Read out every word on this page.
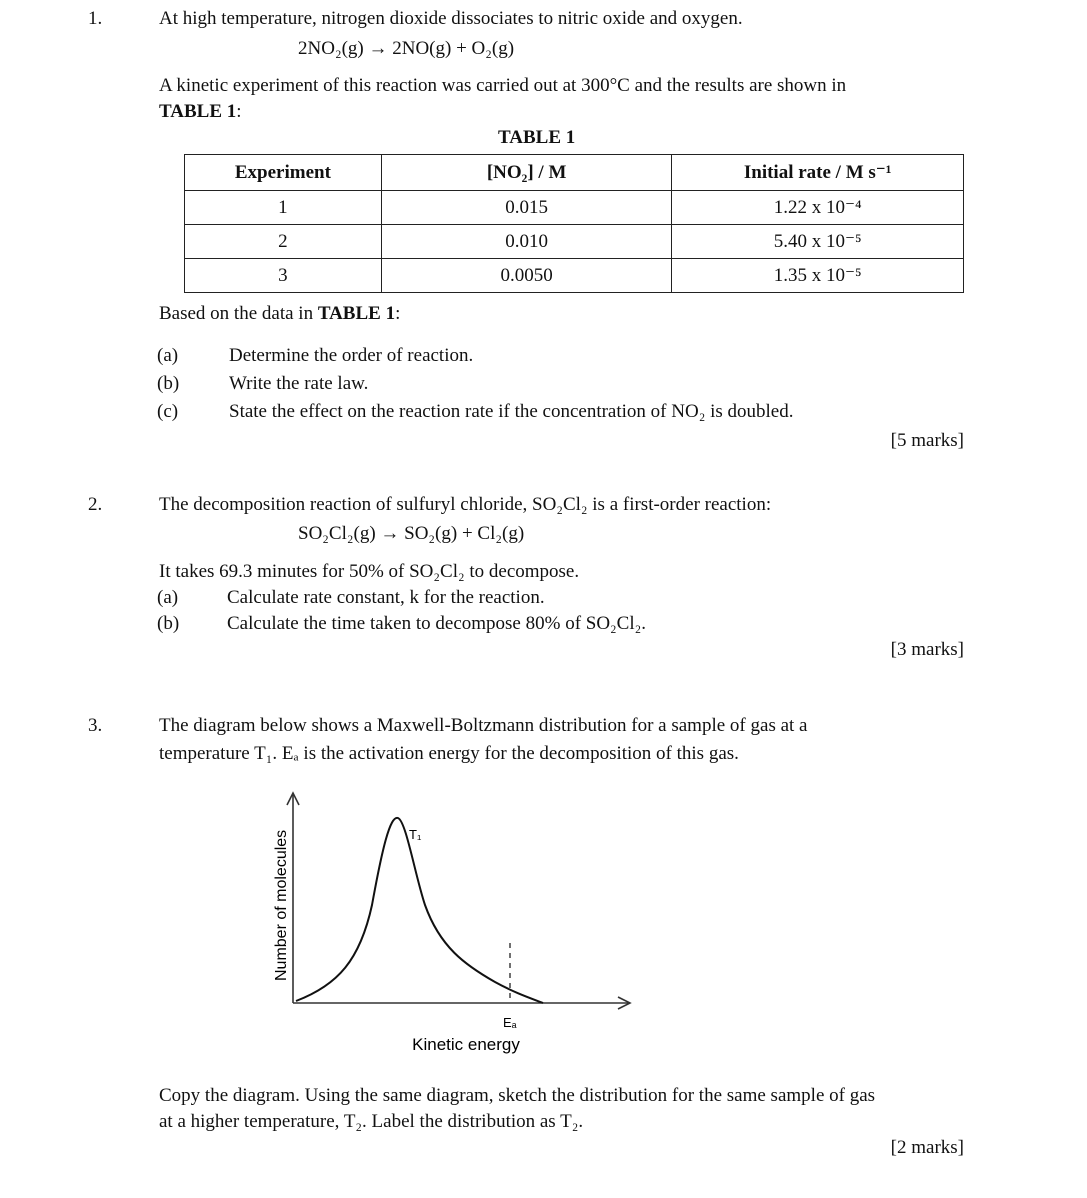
1.	At high temperature, nitrogen dioxide dissociates to nitric oxide and oxygen.
2NO₂(g) → 2NO(g) + O₂(g)
A kinetic experiment of this reaction was carried out at 300°C and the results are shown in
TABLE 1:
TABLE 1
Experiment	[NO₂] / M	Initial rate / M s⁻¹
1	0.015	1.22 x 10⁻⁴
2	0.010	5.40 x 10⁻⁵
3	0.0050	1.35 x 10⁻⁵
Based on the data in TABLE 1:
(a)	Determine the order of reaction.
(b)	Write the rate law.
(c)	State the effect on the reaction rate if the concentration of NO₂ is doubled.
[5 marks]
2.	The decomposition reaction of sulfuryl chloride, SO₂Cl₂ is a first-order reaction:
SO₂Cl₂(g) → SO₂(g) + Cl₂(g)
It takes 69.3 minutes for 50% of SO₂Cl₂ to decompose.
(a)	Calculate rate constant, k for the reaction.
(b)	Calculate the time taken to decompose 80% of SO₂Cl₂.
[3 marks]
3.	The diagram below shows a Maxwell-Boltzmann distribution for a sample of gas at a
temperature T₁. Eₐ is the activation energy for the decomposition of this gas.
T₁
Eₐ
Kinetic energy
Number of molecules
Copy the diagram. Using the same diagram, sketch the distribution for the same sample of gas
at a higher temperature, T₂. Label the distribution as T₂.
[2 marks]
